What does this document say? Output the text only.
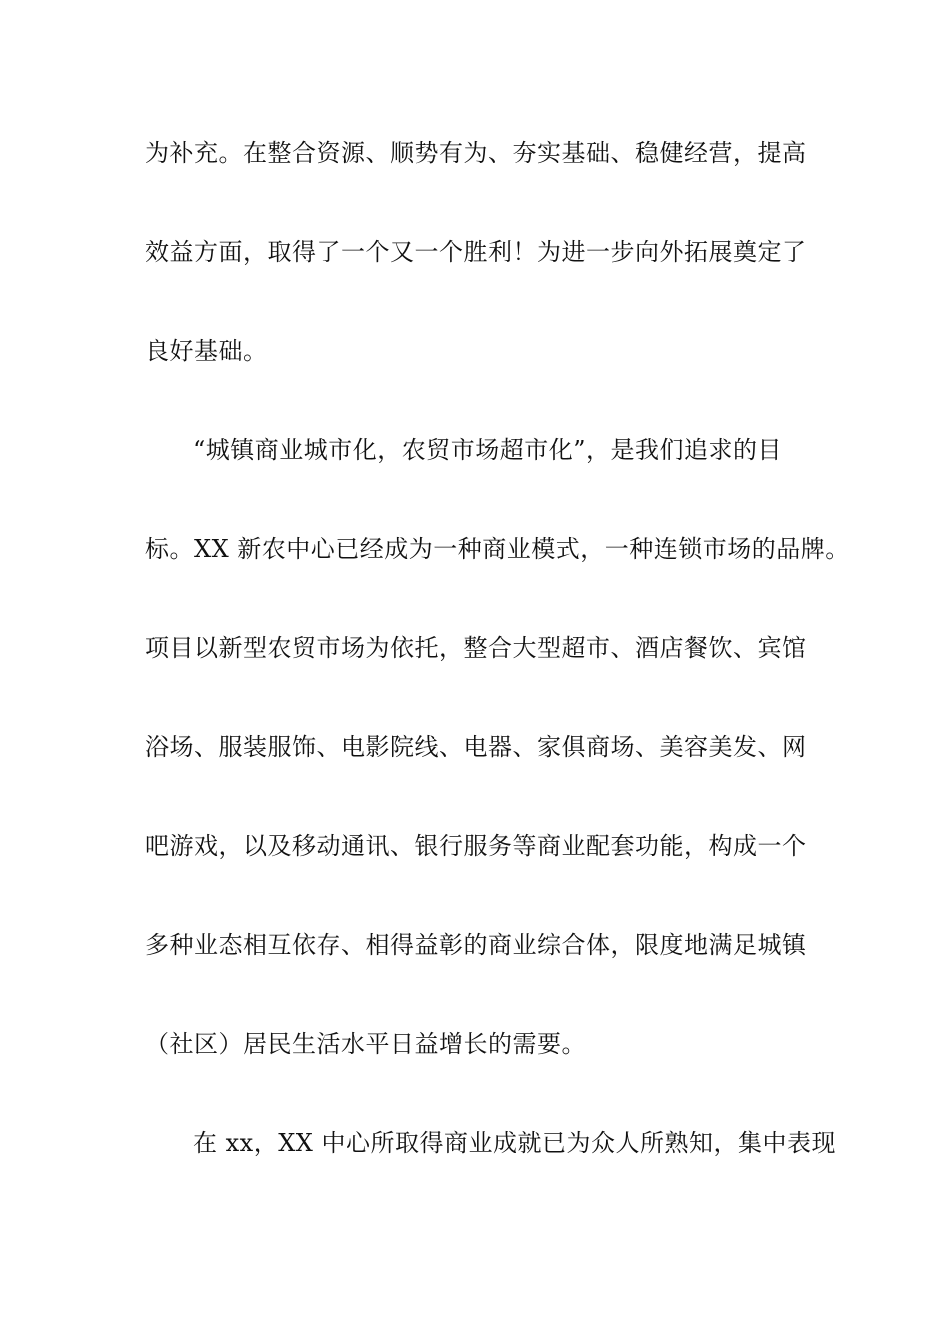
为补充。在整合资源、顺势有为、夯实基础、稳健经营，提高
效益方面，取得了一个又一个胜利！为进一步向外拓展奠定了
良好基础。
“城镇商业城市化，农贸市场超市化”，是我们追求的目
标。XX 新农中心已经成为一种商业模式，一种连锁市场的品牌。
项目以新型农贸市场为依托，整合大型超市、酒店餐饮、宾馆
浴场、服装服饰、电影院线、电器、家俱商场、美容美发、网
吧游戏，以及移动通讯、银行服务等商业配套功能，构成一个
多种业态相互依存、相得益彰的商业综合体，限度地满足城镇
（社区）居民生活水平日益增长的需要。
在 xx，XX 中心所取得商业成就已为众人所熟知，集中表现
